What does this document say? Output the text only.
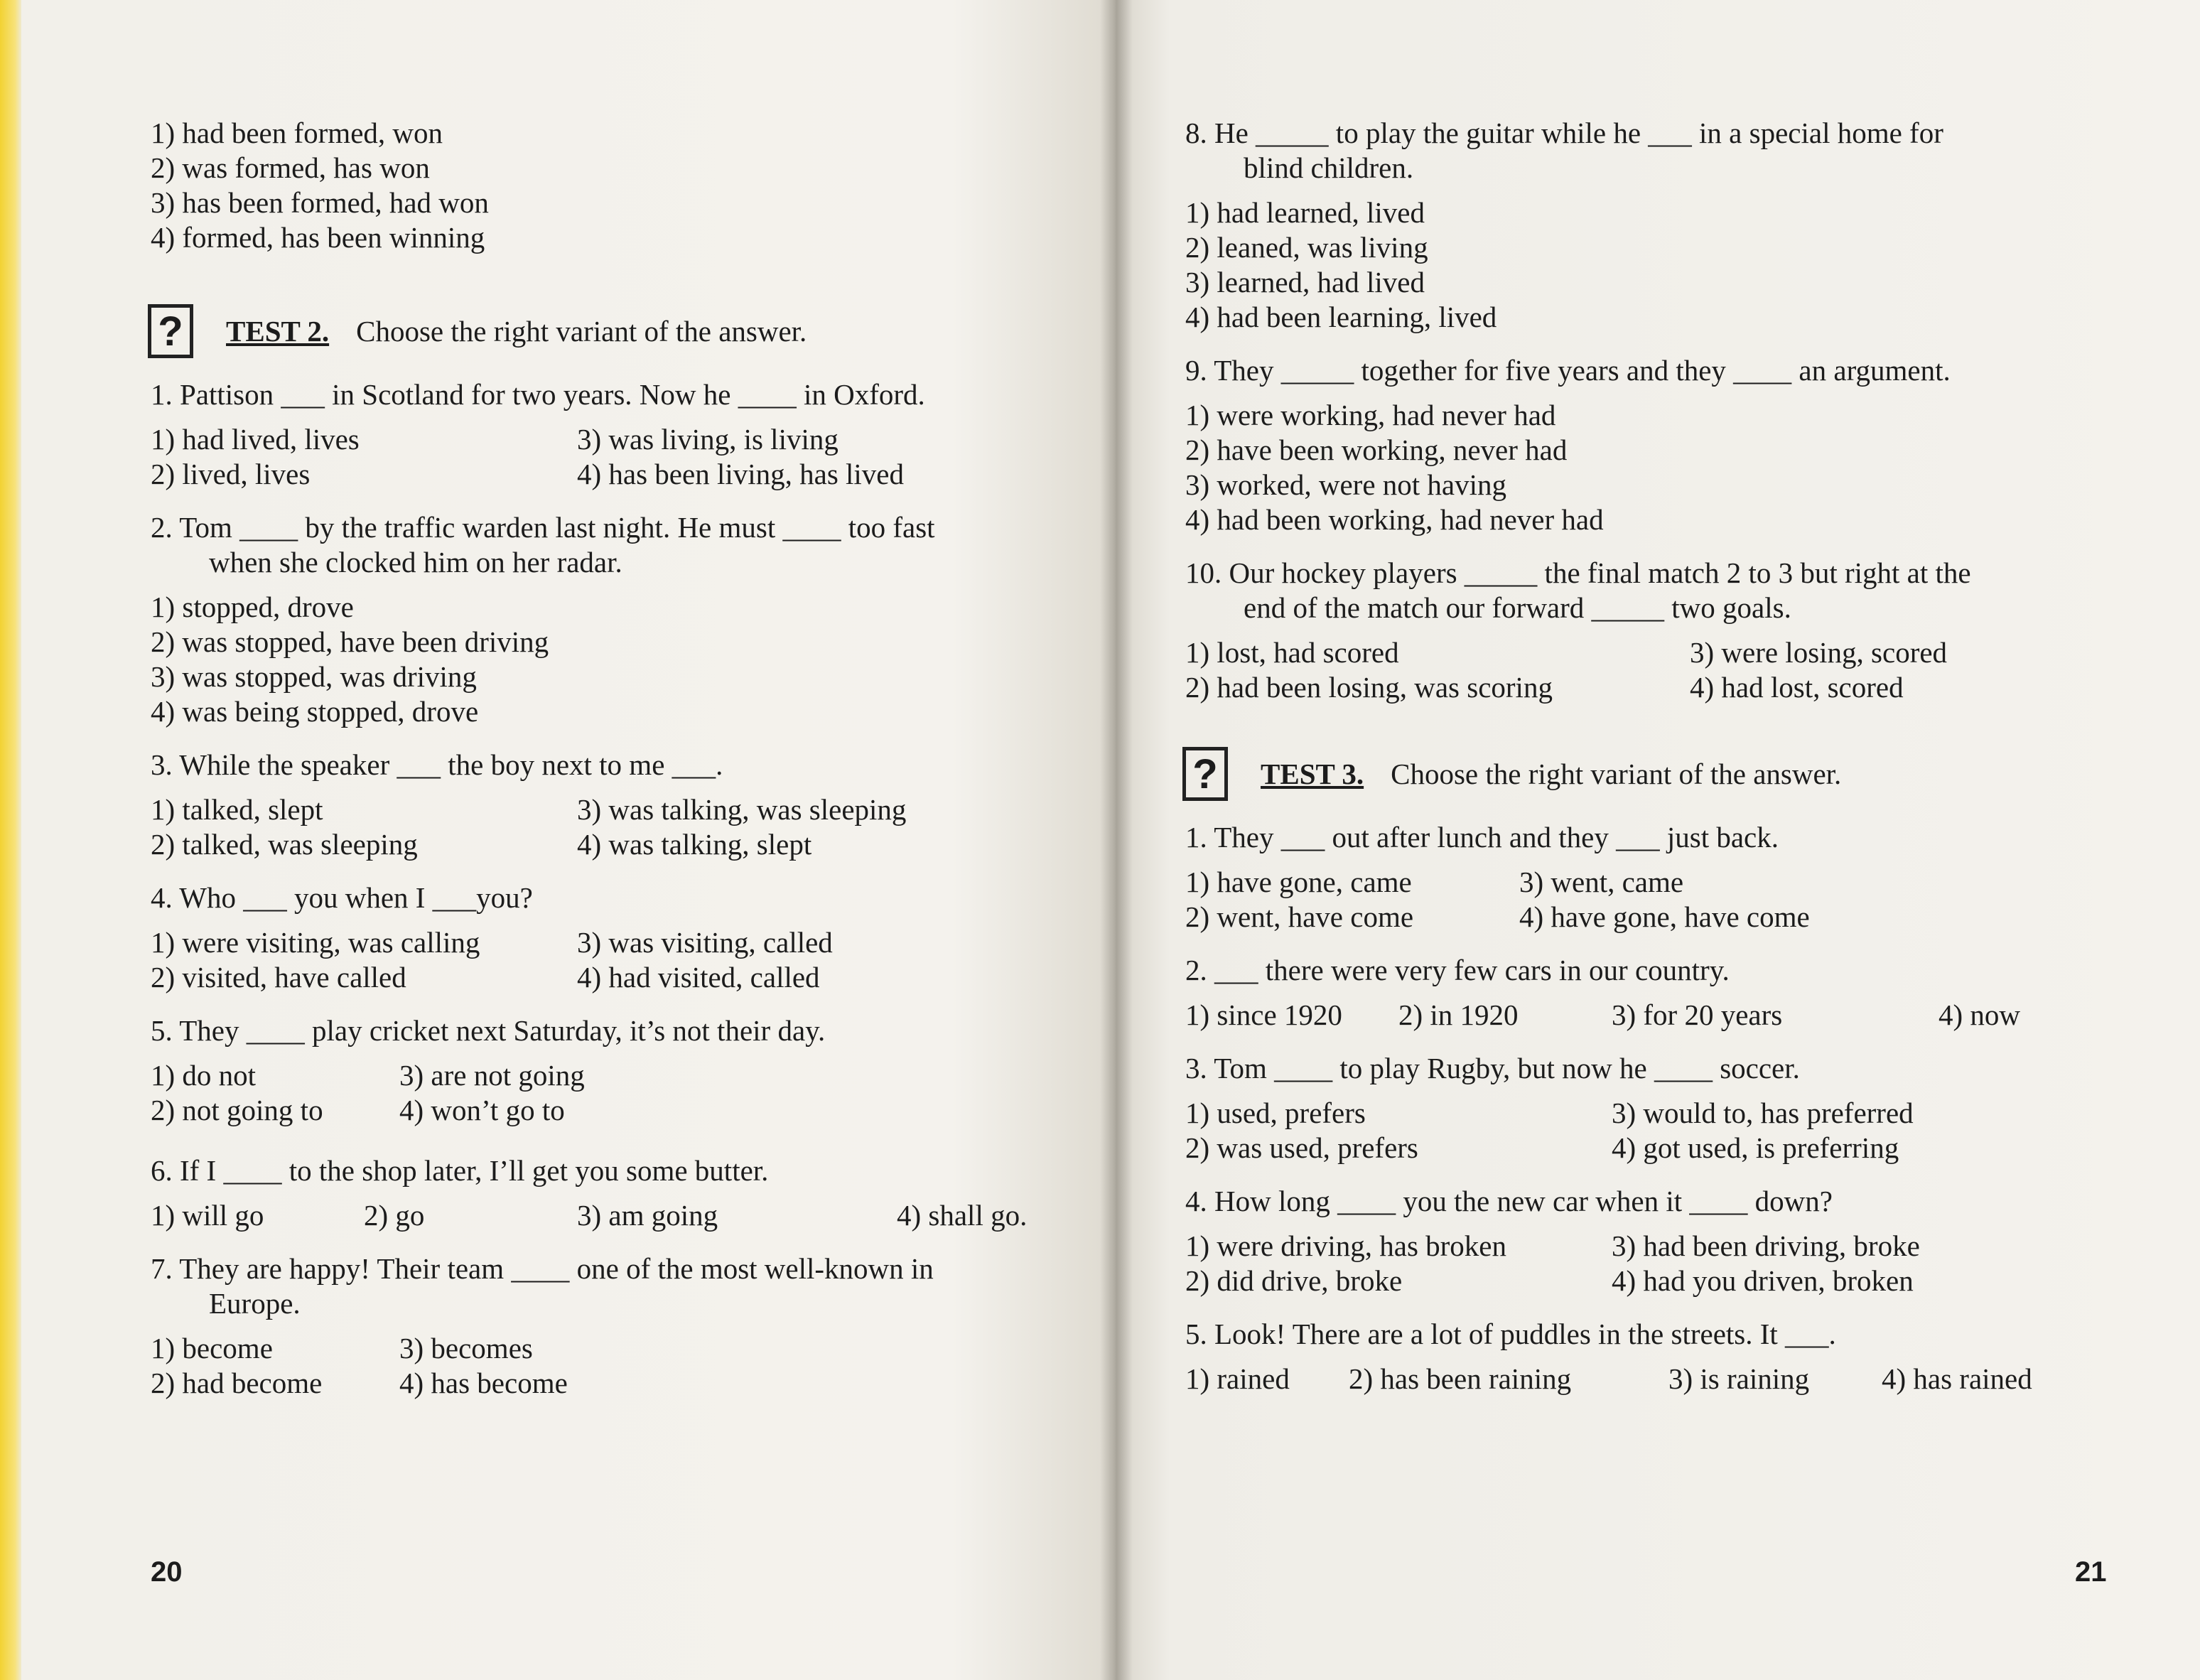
1) had been formed, won
2) was formed, has won
3) has been formed, had won
4) formed, has been winning
?	TEST 2. Choose the right variant of the answer.
1. Pattison ___ in Scotland for two years. Now he ____ in Oxford.
1) had lived, lives	3) was living, is living
2) lived, lives	4) has been living, has lived
2. Tom ____ by the traffic warden last night. He must ____ too fast
when she clocked him on her radar.
1) stopped, drove
2) was stopped, have been driving
3) was stopped, was driving
4) was being stopped, drove
3. While the speaker ___ the boy next to me ___.
1) talked, slept	3) was talking, was sleeping
2) talked, was sleeping	4) was talking, slept
4. Who ___ you when I ___you?
1) were visiting, was calling	3) was visiting, called
2) visited, have called	4) had visited, called
5. They ____ play cricket next Saturday, it’s not their day.
1) do not	3) are not going
2) not going to	4) won’t go to
6. If I ____ to the shop later, I’ll get you some butter.
1) will go	2) go	3) am going	4) shall go.
7. They are happy! Their team ____ one of the most well-known in
Europe.
1) become	3) becomes
2) had become	4) has become
20
8. He _____ to play the guitar while he ___ in a special home for
blind children.
1) had learned, lived
2) leaned, was living
3) learned, had lived
4) had been learning, lived
9. They _____ together for five years and they ____ an argument.
1) were working, had never had
2) have been working, never had
3) worked, were not having
4) had been working, had never had
10. Our hockey players _____ the final match 2 to 3 but right at the
end of the match our forward _____ two goals.
1) lost, had scored	3) were losing, scored
2) had been losing, was scoring	4) had lost, scored
?	TEST 3. Choose the right variant of the answer.
1. They ___ out after lunch and they ___ just back.
1) have gone, came	3) went, came
2) went, have come	4) have gone, have come
2. ___ there were very few cars in our country.
1) since 1920	2) in 1920	3) for 20 years	4) now
3. Tom ____ to play Rugby, but now he ____ soccer.
1) used, prefers	3) would to, has preferred
2) was used, prefers	4) got used, is preferring
4. How long ____ you the new car when it ____ down?
1) were driving, has broken	3) had been driving, broke
2) did drive, broke	4) had you driven, broken
5. Look! There are a lot of puddles in the streets. It ___.
1) rained	2) has been raining	3) is raining	4) has rained
21
